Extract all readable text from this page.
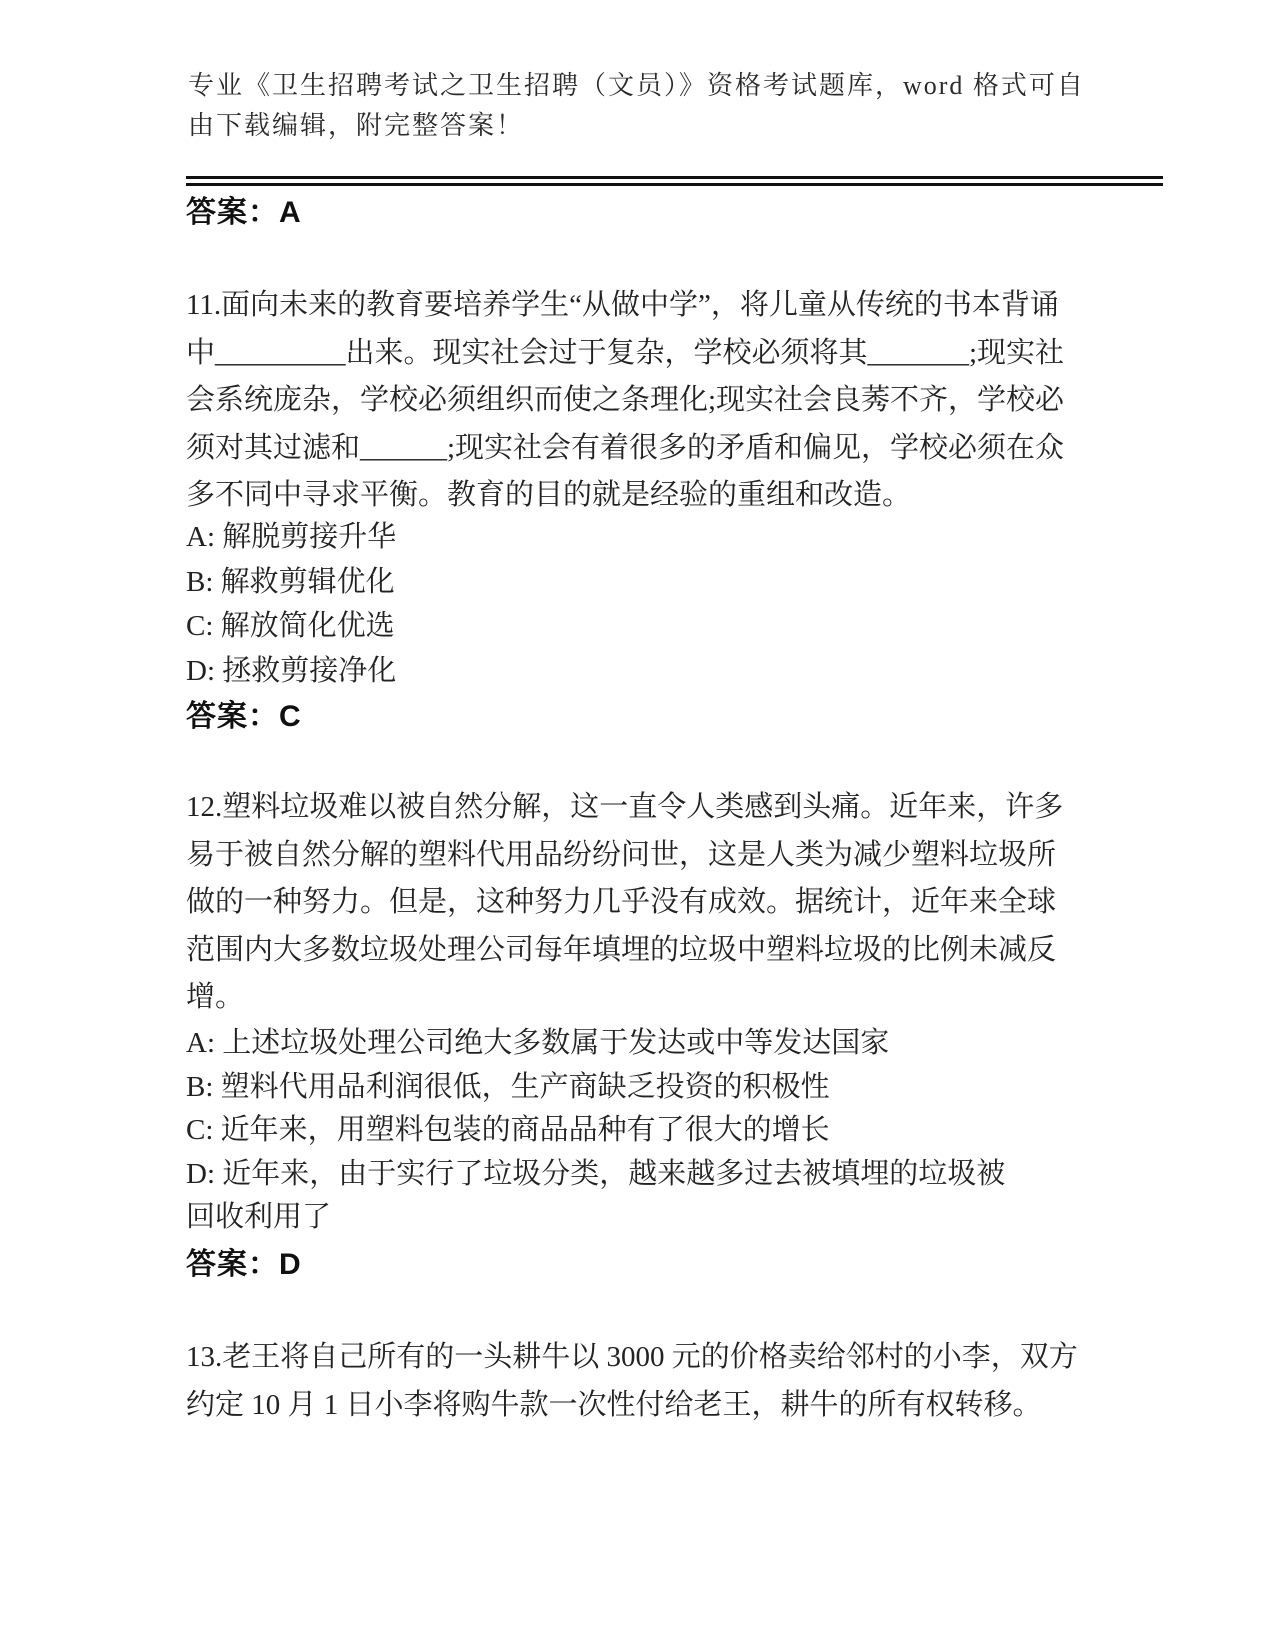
专业《卫生招聘考试之卫生招聘（文员）》资格考试题库，word 格式可自由下载编辑，附完整答案！
答案：A
11.面向未来的教育要培养学生“从做中学”，将儿童从传统的书本背诵中_________出来。现实社会过于复杂，学校必须将其_______;现实社会系统庞杂，学校必须组织而使之条理化;现实社会良莠不齐，学校必须对其过滤和______;现实社会有着很多的矛盾和偏见，学校必须在众多不同中寻求平衡。教育的目的就是经验的重组和改造。
A: 解脱剪接升华
B: 解救剪辑优化
C: 解放简化优选
D: 拯救剪接净化
答案：C
12.塑料垃圾难以被自然分解，这一直令人类感到头痛。近年来，许多易于被自然分解的塑料代用品纷纷问世，这是人类为减少塑料垃圾所做的一种努力。但是，这种努力几乎没有成效。据统计，近年来全球范围内大多数垃圾处理公司每年填埋的垃圾中塑料垃圾的比例未减反增。
A: 上述垃圾处理公司绝大多数属于发达或中等发达国家
B: 塑料代用品利润很低，生产商缺乏投资的积极性
C: 近年来，用塑料包装的商品品种有了很大的增长
D: 近年来，由于实行了垃圾分类，越来越多过去被填埋的垃圾被回收利用了
答案：D
13.老王将自己所有的一头耕牛以 3000 元的价格卖给邻村的小李，双方约定 10 月 1 日小李将购牛款一次性付给老王，耕牛的所有权转移。
